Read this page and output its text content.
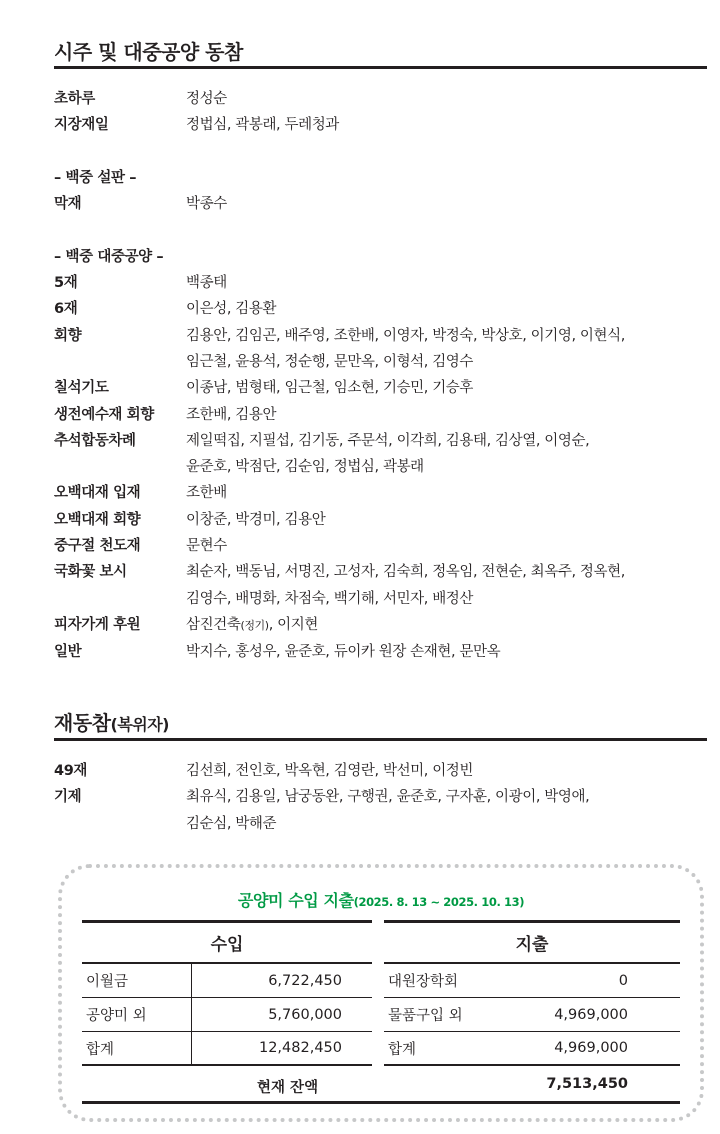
시주 및 대중공양 동참
초하루	정성순
지장재일	정법심, 곽봉래, 두레청과
– 백중 설판 –
막재	박종수
– 백중 대중공양 –
5재	백종태
6재	이은성, 김용환
회향	김용안, 김임곤, 배주영, 조한배, 이영자, 박정숙, 박상호, 이기영, 이현식,
임근철, 윤용석, 정순행, 문만옥, 이형석, 김영수
칠석기도	이종남, 범형태, 임근철, 임소현, 기승민, 기승후
생전예수재 회향	조한배, 김용안
추석합동차례	제일떡집, 지필섭, 김기동, 주문석, 이각희, 김용태, 김상열, 이영순,
윤준호, 박점단, 김순임, 정법심, 곽봉래
오백대재 입재	조한배
오백대재 회향	이창준, 박경미, 김용안
중구절 천도재	문현수
국화꽃 보시	최순자, 백동님, 서명진, 고성자, 김숙희, 정옥임, 전현순, 최옥주, 정옥현,
김영수, 배명화, 차점숙, 백기해, 서민자, 배정산
피자가게 후원	삼진건축(정기), 이지현
일반	박지수, 홍성우, 윤준호, 듀이카 원장 손재현, 문만옥
재동참(복위자)
49재	김선희, 전인호, 박옥현, 김영란, 박선미, 이정빈
기제	최유식, 김용일, 남궁동완, 구행권, 윤준호, 구자훈, 이광이, 박영애,
김순심, 박해준
공양미 수입 지출(2025. 8. 13 ~ 2025. 10. 13)
수입
이월금	6,722,450
공양미 외	5,760,000
합계	12,482,450
지출
대원장학회	0
물품구입 외	4,969,000
합계	4,969,000
현재 잔액	7,513,450
